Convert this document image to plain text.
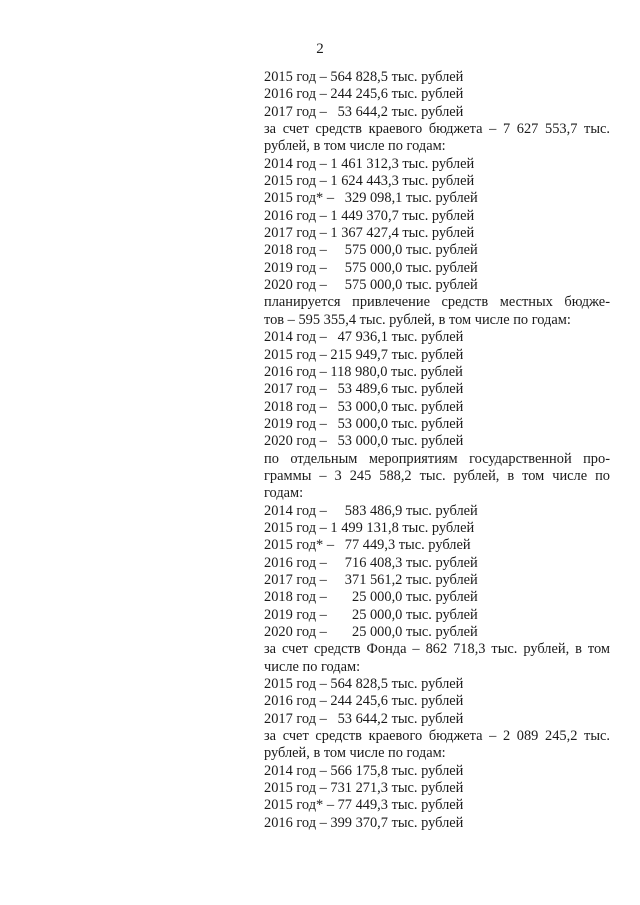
2
2015 год – 564 828,5 тыс. рублей
2016 год – 244 245,6 тыс. рублей
2017 год –   53 644,2 тыс. рублей
за счет средств краевого бюджета – 7 627 553,7 тыс.
рублей, в том числе по годам:
2014 год – 1 461 312,3 тыс. рублей
2015 год – 1 624 443,3 тыс. рублей
2015 год* –   329 098,1 тыс. рублей
2016 год – 1 449 370,7 тыс. рублей
2017 год – 1 367 427,4 тыс. рублей
2018 год –     575 000,0 тыс. рублей
2019 год –     575 000,0 тыс. рублей
2020 год –     575 000,0 тыс. рублей
планируется привлечение средств местных бюдже-
тов – 595 355,4 тыс. рублей, в том числе по годам:
2014 год –   47 936,1 тыс. рублей
2015 год – 215 949,7 тыс. рублей
2016 год – 118 980,0 тыс. рублей
2017 год –   53 489,6 тыс. рублей
2018 год –   53 000,0 тыс. рублей
2019 год –   53 000,0 тыс. рублей
2020 год –   53 000,0 тыс. рублей
по отдельным мероприятиям государственной про-
граммы – 3 245 588,2 тыс. рублей, в том числе по
годам:
2014 год –     583 486,9 тыс. рублей
2015 год – 1 499 131,8 тыс. рублей
2015 год* –   77 449,3 тыс. рублей
2016 год –     716 408,3 тыс. рублей
2017 год –     371 561,2 тыс. рублей
2018 год –       25 000,0 тыс. рублей
2019 год –       25 000,0 тыс. рублей
2020 год –       25 000,0 тыс. рублей
за счет средств Фонда – 862 718,3 тыс. рублей, в том
числе по годам:
2015 год – 564 828,5 тыс. рублей
2016 год – 244 245,6 тыс. рублей
2017 год –   53 644,2 тыс. рублей
за счет средств краевого бюджета – 2 089 245,2 тыс.
рублей, в том числе по годам:
2014 год – 566 175,8 тыс. рублей
2015 год – 731 271,3 тыс. рублей
2015 год* – 77 449,3 тыс. рублей
2016 год – 399 370,7 тыс. рублей
